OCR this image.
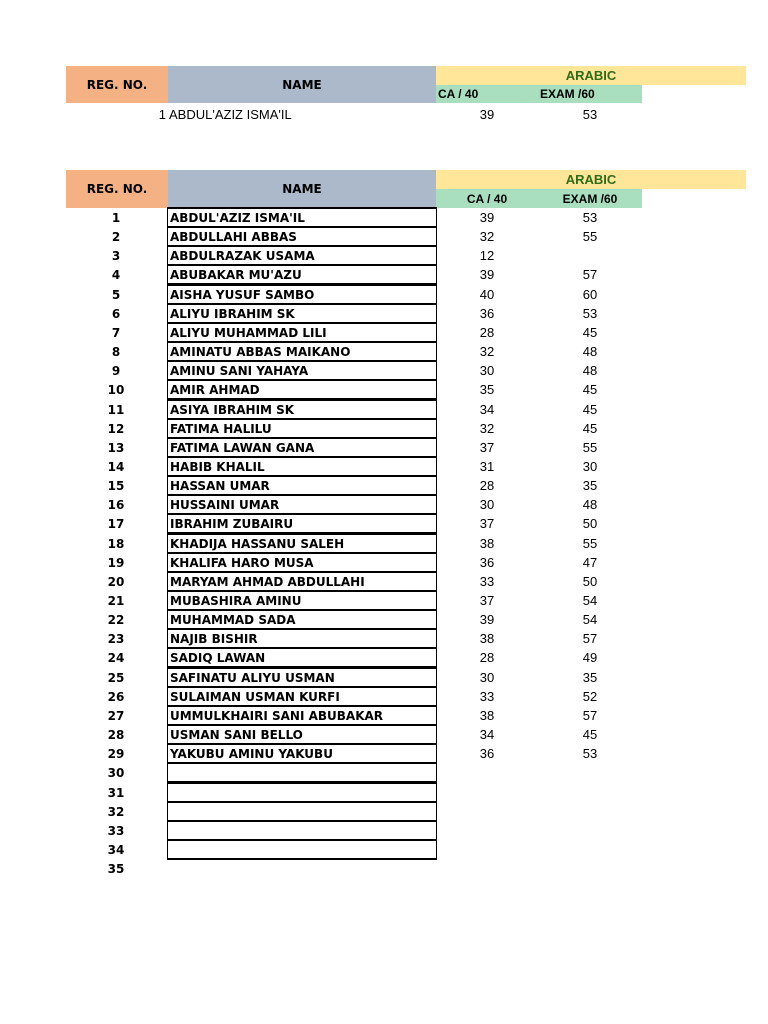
REG. NO.	NAME
ARABIC
CA / 40	EXAM /60
1 ABDUL'AZIZ ISMA'IL	39	53
REG. NO.	NAME
ARABIC
CA / 40	EXAM /60
1	ABDUL'AZIZ ISMA'IL	39	53
2	ABDULLAHI ABBAS	32	55
3	ABDULRAZAK USAMA	12
4	ABUBAKAR MU'AZU	39	57
5	AISHA YUSUF SAMBO	40	60
6	ALIYU IBRAHIM SK	36	53
7	ALIYU MUHAMMAD LILI	28	45
8	AMINATU ABBAS MAIKANO	32	48
9	AMINU SANI YAHAYA	30	48
10	AMIR AHMAD	35	45
11	ASIYA IBRAHIM SK	34	45
12	FATIMA HALILU	32	45
13	FATIMA LAWAN GANA	37	55
14	HABIB KHALIL	31	30
15	HASSAN UMAR	28	35
16	HUSSAINI UMAR	30	48
17	IBRAHIM ZUBAIRU	37	50
18	KHADIJA HASSANU SALEH	38	55
19	KHALIFA HARO MUSA	36	47
20	MARYAM AHMAD ABDULLAHI	33	50
21	MUBASHIRA AMINU	37	54
22	MUHAMMAD SADA	39	54
23	NAJIB BISHIR	38	57
24	SADIQ LAWAN	28	49
25	SAFINATU ALIYU USMAN	30	35
26	SULAIMAN USMAN KURFI	33	52
27	UMMULKHAIRI SANI ABUBAKAR	38	57
28	USMAN SANI BELLO	34	45
29	YAKUBU AMINU YAKUBU	36	53
30
31
32
33
34
35
